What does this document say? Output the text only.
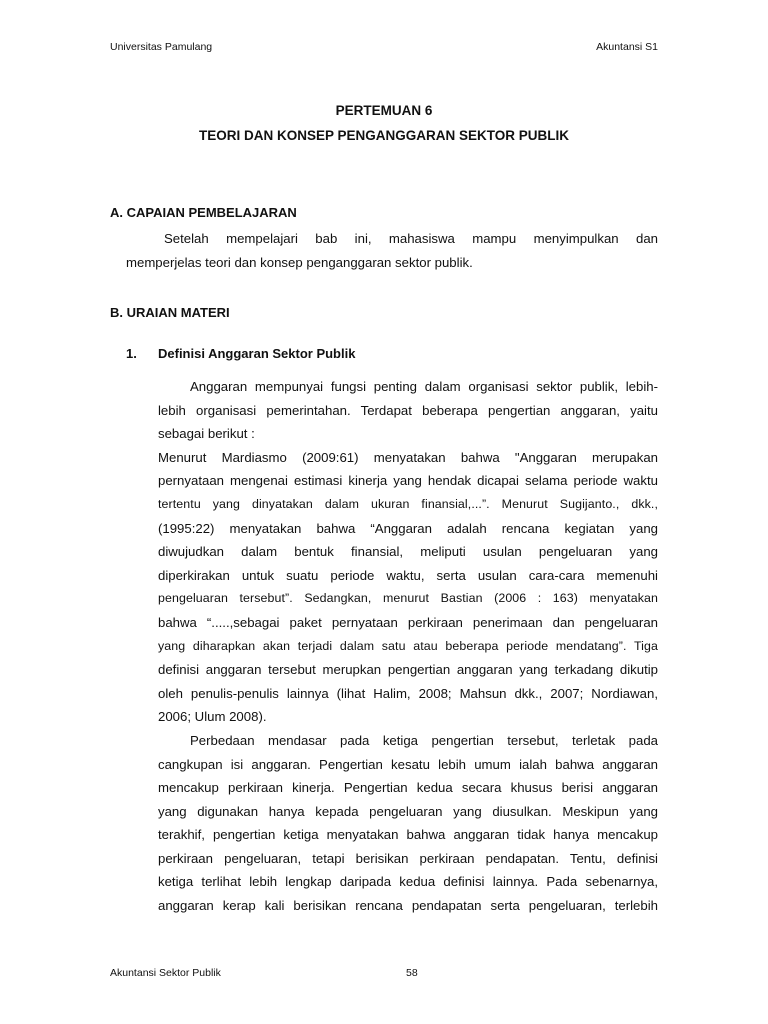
Universitas Pamulang	Akuntansi S1
PERTEMUAN 6
TEORI DAN KONSEP PENGANGGARAN SEKTOR PUBLIK
A. CAPAIAN PEMBELAJARAN
Setelah mempelajari bab ini, mahasiswa mampu menyimpulkan dan
memperjelas teori dan konsep penganggaran sektor publik.
B. URAIAN MATERI
1. Definisi Anggaran Sektor Publik
Anggaran mempunyai fungsi penting dalam organisasi sektor publik, lebih-
lebih organisasi pemerintahan. Terdapat beberapa pengertian anggaran, yaitu
sebagai berikut :
Menurut Mardiasmo (2009:61) menyatakan bahwa "Anggaran merupakan
pernyataan mengenai estimasi kinerja yang hendak dicapai selama periode waktu
tertentu yang dinyatakan dalam ukuran finansial,...”. Menurut Sugijanto., dkk.,
(1995:22) menyatakan bahwa “Anggaran adalah rencana kegiatan yang
diwujudkan dalam bentuk finansial, meliputi usulan pengeluaran yang
diperkirakan untuk suatu periode waktu, serta usulan cara-cara memenuhi
pengeluaran tersebut”. Sedangkan, menurut Bastian (2006 : 163) menyatakan
bahwa “.....,sebagai paket pernyataan perkiraan penerimaan dan pengeluaran
yang diharapkan akan terjadi dalam satu atau beberapa periode mendatang”. Tiga
definisi anggaran tersebut merupkan pengertian anggaran yang terkadang dikutip
oleh penulis-penulis lainnya (lihat Halim, 2008; Mahsun dkk., 2007; Nordiawan,
2006; Ulum 2008).
Perbedaan mendasar pada ketiga pengertian tersebut, terletak pada
cangkupan isi anggaran. Pengertian kesatu lebih umum ialah bahwa anggaran
mencakup perkiraan kinerja. Pengertian kedua secara khusus berisi anggaran
yang digunakan hanya kepada pengeluaran yang diusulkan. Meskipun yang
terakhif, pengertian ketiga menyatakan bahwa anggaran tidak hanya mencakup
perkiraan pengeluaran, tetapi berisikan perkiraan pendapatan. Tentu, definisi
ketiga terlihat lebih lengkap daripada kedua definisi lainnya. Pada sebenarnya,
anggaran kerap kali berisikan rencana pendapatan serta pengeluaran, terlebih
Akuntansi Sektor Publik	58
